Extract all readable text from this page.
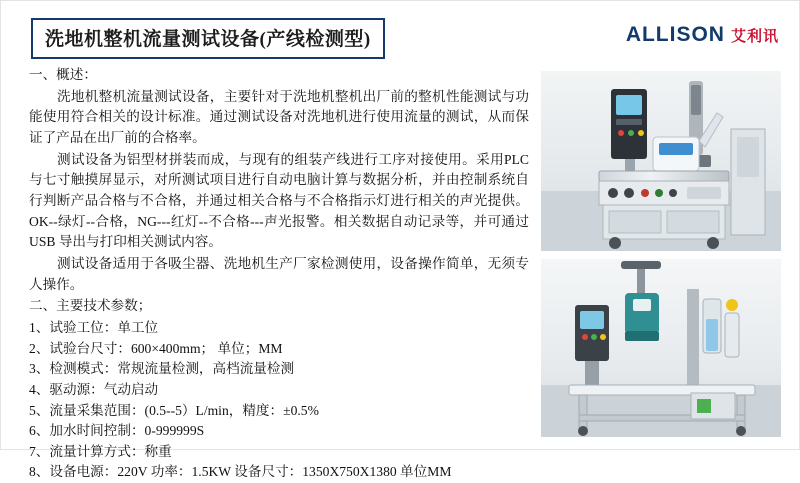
洗地机整机流量测试设备(产线检测型)	ALLISON 艾利讯

一、概述：

洗地机整机流量测试设备，主要针对于洗地机整机出厂前的整机性能测试与功能使用符合相关的设计标准。通过测试设备对洗地机进行使用流量的测试，从而保证了产品在出厂前的合格率。

测试设备为铝型材拼装而成，与现有的组装产线进行工序对接使用。采用PLC与七寸触摸屏显示，对所测试项目进行自动电脑计算与数据分析，并由控制系统自行判断产品合格与不合格，并通过相关合格与不合格指示灯进行相关的声光提供。OK--绿灯--合格，NG---红灯--不合格---声光报警。相关数据自动记录等，并可通过 USB 导出与打印相关测试内容。

测试设备适用于各吸尘器、洗地机生产厂家检测使用，设备操作简单，无须专人操作。

二、主要技术参数；

1、试验工位：单工位

2、试验台尺寸：600×400mm； 单位；MM

3、检测模式：常规流量检测，高档流量检测

4、驱动源：气动启动

5、流量采集范围：(0.5--5）L/min，精度：±0.5%

6、加水时间控制：0-999999S

7、流量计算方式：称重

8、设备电源：220V 功率：1.5KW 设备尺寸：1350X750X1380 单位MM
